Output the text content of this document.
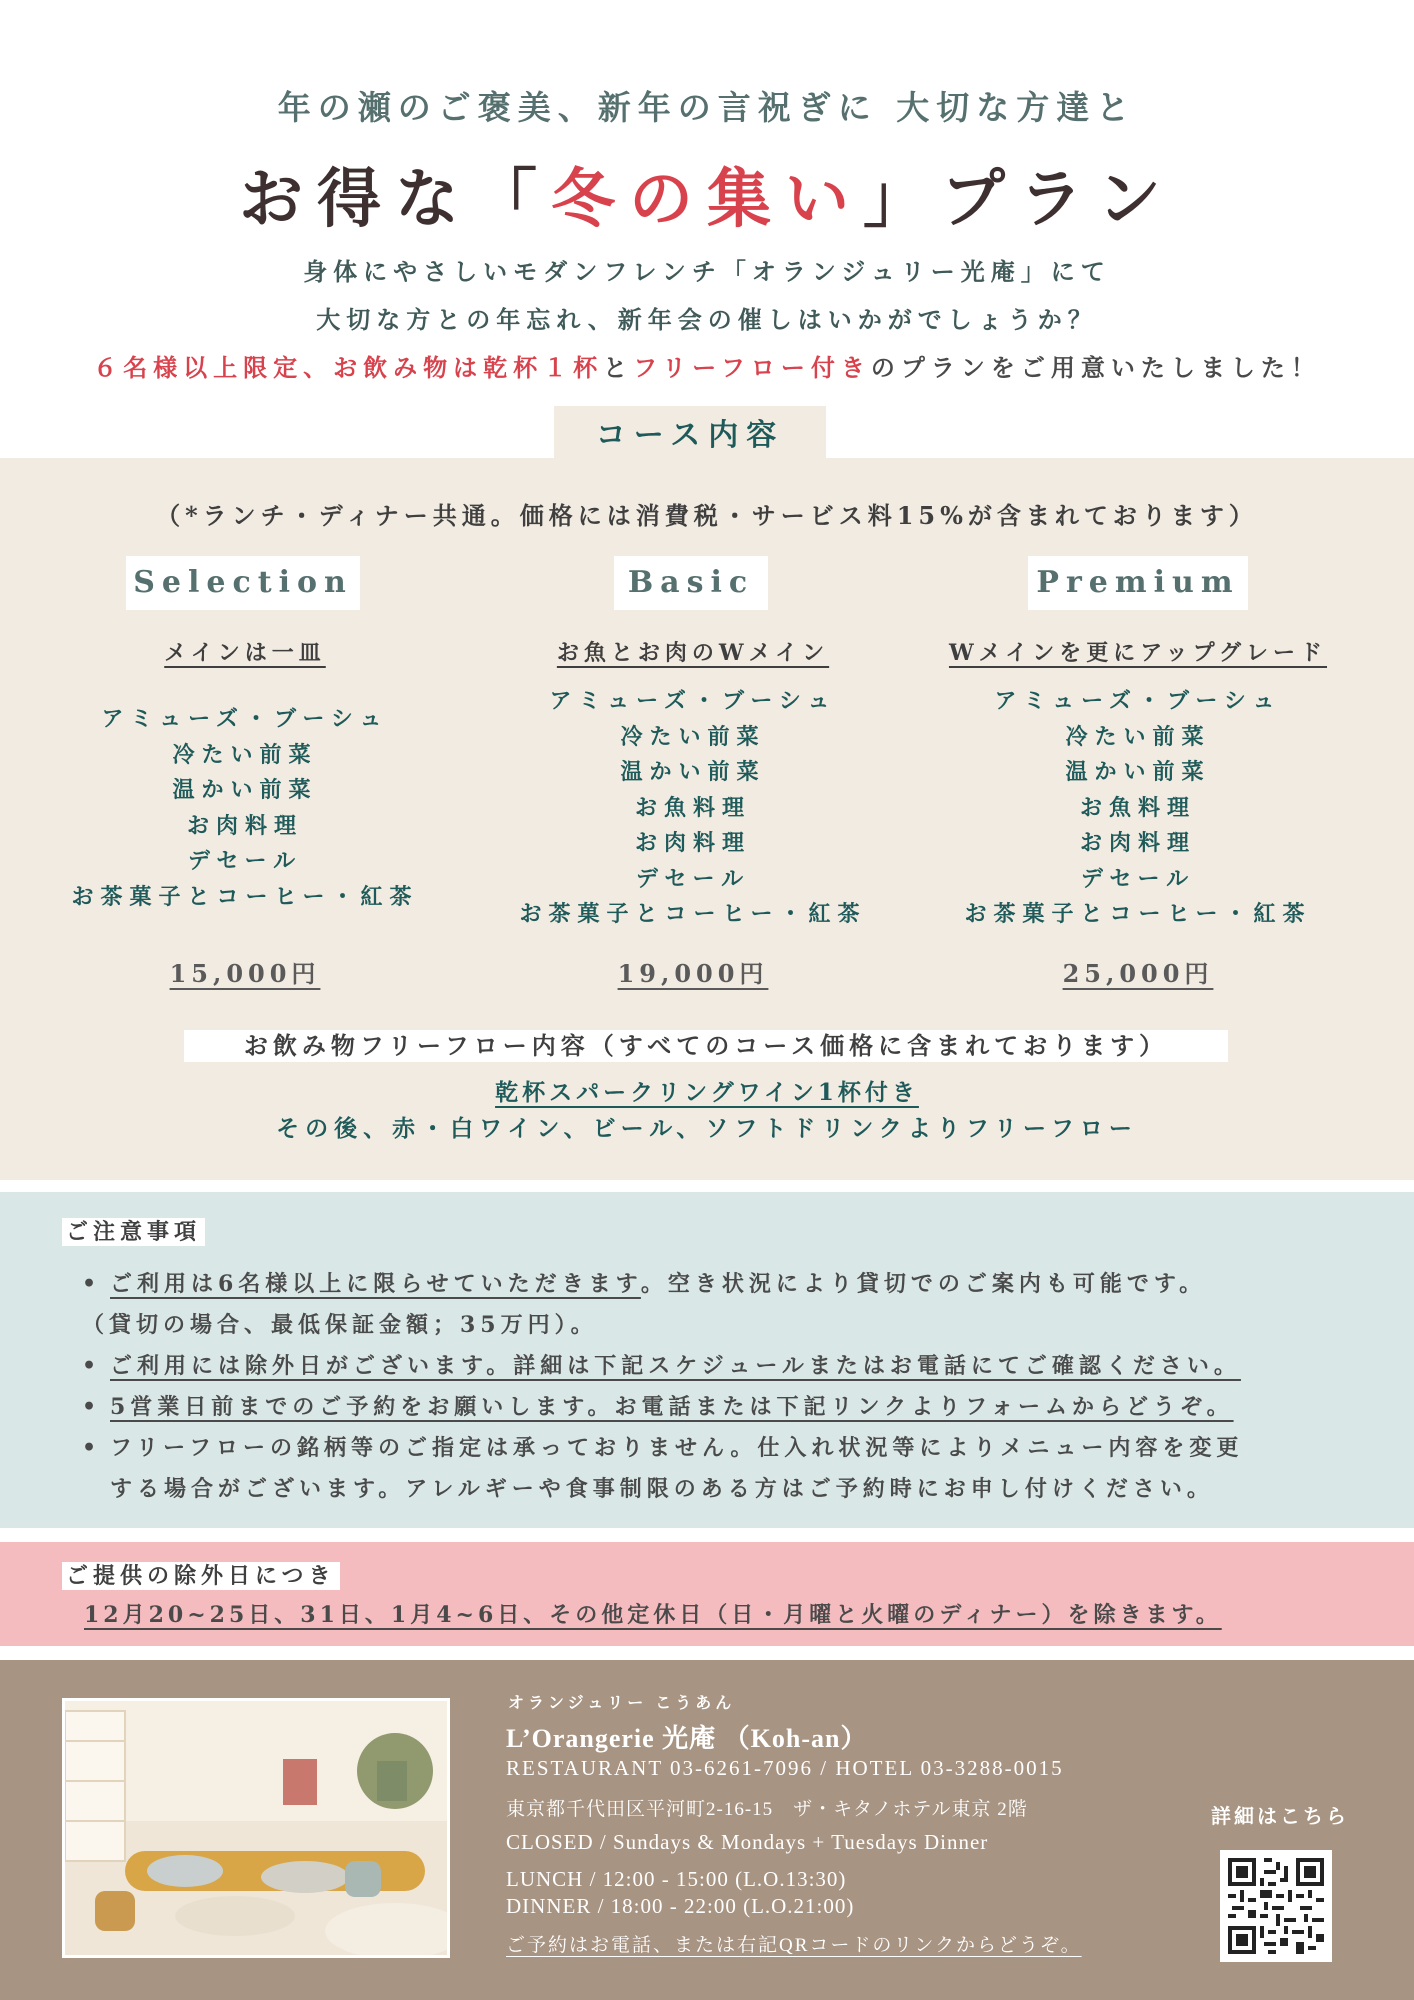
年の瀬のご褒美、新年の言祝ぎに 大切な方達と
お得な「冬の集い」プラン
身体にやさしいモダンフレンチ「オランジュリー光庵」にて
大切な方との年忘れ、新年会の催しはいかがでしょうか？
６名様以上限定、お飲み物は乾杯１杯とフリーフロー付きのプランをご用意いたしました！
コース内容
（*ランチ・ディナー共通。価格には消費税・サービス料15%が含まれております）
Selection
メインは一皿
アミューズ・ブーシュ
冷たい前菜
温かい前菜
お肉料理
デセール
お茶菓子とコーヒー・紅茶
15,000円
Basic
お魚とお肉のWメイン
アミューズ・ブーシュ
冷たい前菜
温かい前菜
お魚料理
お肉料理
デセール
お茶菓子とコーヒー・紅茶
19,000円
Premium
Wメインを更にアップグレード
アミューズ・ブーシュ
冷たい前菜
温かい前菜
お魚料理
お肉料理
デセール
お茶菓子とコーヒー・紅茶
25,000円
お飲み物フリーフロー内容（すべてのコース価格に含まれております）
乾杯スパークリングワイン1杯付き
その後、赤・白ワイン、ビール、ソフトドリンクよりフリーフロー
ご注意事項
• ご利用は6名様以上に限らせていただきます。空き状況により貸切でのご案内も可能です。
（貸切の場合、最低保証金額；35万円）。
• ご利用には除外日がございます。詳細は下記スケジュールまたはお電話にてご確認ください。
• 5営業日前までのご予約をお願いします。お電話または下記リンクよりフォームからどうぞ。
• フリーフローの銘柄等のご指定は承っておりません。仕入れ状況等によりメニュー内容を変更
する場合がございます。アレルギーや食事制限のある方はご予約時にお申し付けください。
ご提供の除外日につき
12月20~25日、31日、1月4~6日、その他定休日（日・月曜と火曜のディナー）を除きます。
オランジュリー こうあん
L’Orangerie 光庵 （Koh-an）
RESTAURANT 03-6261-7096 / HOTEL 03-3288-0015
東京都千代田区平河町2-16-15　ザ・キタノホテル東京 2階
CLOSED / Sundays & Mondays + Tuesdays Dinner
LUNCH / 12:00 - 15:00 (L.O.13:30)
DINNER / 18:00 - 22:00 (L.O.21:00)
ご予約はお電話、または右記QRコードのリンクからどうぞ。
詳細はこちら
